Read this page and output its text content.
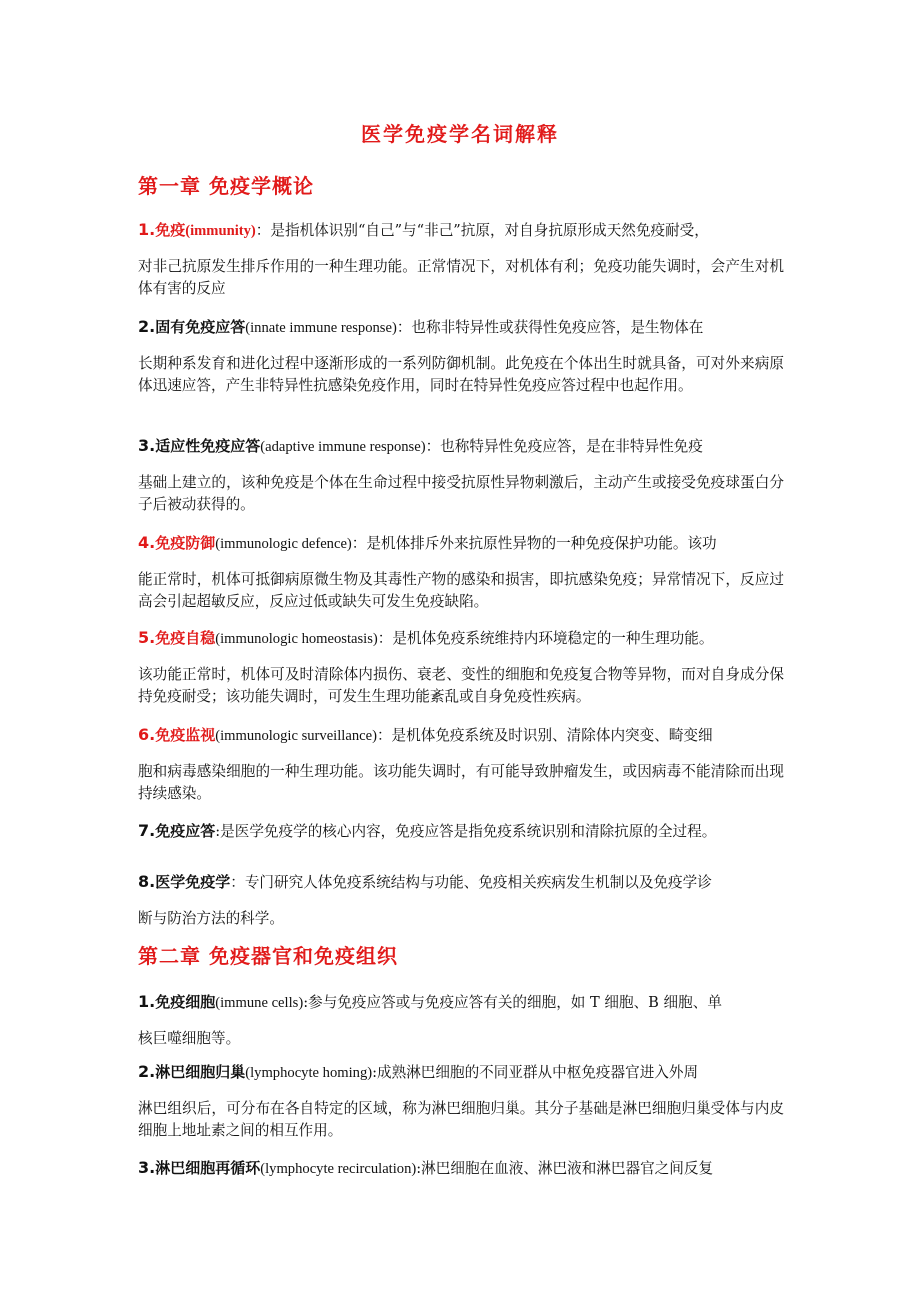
医学免疫学名词解释
第一章 免疫学概论
1.免疫(immunity)：是指机体识别“自己”与“非己”抗原，对自身抗原形成天然免疫耐受，
对非己抗原发生排斥作用的一种生理功能。正常情况下，对机体有利；免疫功能失调时，会产生对机体有害的反应
2.固有免疫应答(innate immune response)：也称非特异性或获得性免疫应答，是生物体在
长期种系发育和进化过程中逐渐形成的一系列防御机制。此免疫在个体出生时就具备，可对外来病原体迅速应答，产生非特异性抗感染免疫作用，同时在特异性免疫应答过程中也起作用。
3.适应性免疫应答(adaptive immune response)：也称特异性免疫应答，是在非特异性免疫
基础上建立的，该种免疫是个体在生命过程中接受抗原性异物刺激后，主动产生或接受免疫球蛋白分子后被动获得的。
4.免疫防御(immunologic defence)：是机体排斥外来抗原性异物的一种免疫保护功能。该功
能正常时，机体可抵御病原微生物及其毒性产物的感染和损害，即抗感染免疫；异常情况下，反应过高会引起超敏反应，反应过低或缺失可发生免疫缺陷。
5.免疫自稳(immunologic homeostasis)：是机体免疫系统维持内环境稳定的一种生理功能。
该功能正常时，机体可及时清除体内损伤、衰老、变性的细胞和免疫复合物等异物，而对自身成分保持免疫耐受；该功能失调时，可发生生理功能紊乱或自身免疫性疾病。
6.免疫监视(immunologic surveillance)：是机体免疫系统及时识别、清除体内突变、畸变细
胞和病毒感染细胞的一种生理功能。该功能失调时，有可能导致肿瘤发生，或因病毒不能清除而出现持续感染。
7.免疫应答:是医学免疫学的核心内容，免疫应答是指免疫系统识别和清除抗原的全过程。
8.医学免疫学：专门研究人体免疫系统结构与功能、免疫相关疾病发生机制以及免疫学诊
断与防治方法的科学。
第二章 免疫器官和免疫组织
1.免疫细胞(immune cells):参与免疫应答或与免疫应答有关的细胞，如 T 细胞、B 细胞、单
核巨噬细胞等。
2.淋巴细胞归巢(lymphocyte homing):成熟淋巴细胞的不同亚群从中枢免疫器官进入外周
淋巴组织后，可分布在各自特定的区域，称为淋巴细胞归巢。其分子基础是淋巴细胞归巢受体与内皮细胞上地址素之间的相互作用。
3.淋巴细胞再循环(lymphocyte recirculation):淋巴细胞在血液、淋巴液和淋巴器官之间反复
